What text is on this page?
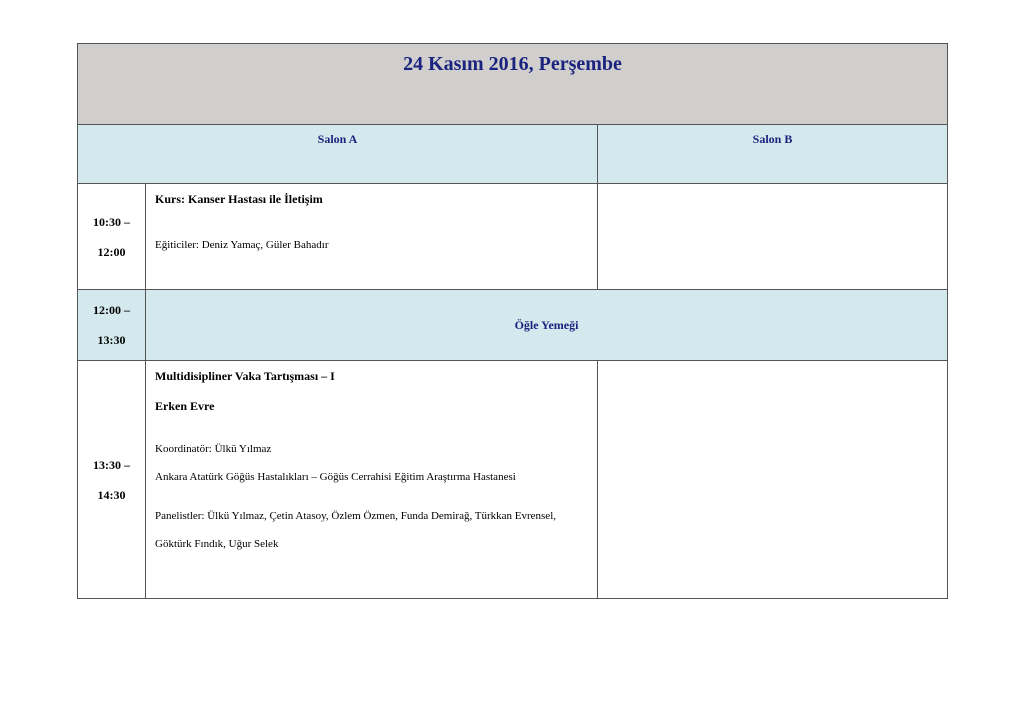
24 Kasım 2016, Perşembe		

Salon A		Salon B

10:30 –
12:00	Kurs: Kanser Hastası ile İletişim
Eğiticiler: Deniz Yamaç, Güler Bahadır	

12:00 –
13:30	Öğle Yemeği	

13:30 –
14:30	Multidisipliner Vaka Tartışması – I
Erken Evre
Koordinatör: Ülkü Yılmaz
Ankara Atatürk Göğüs Hastalıkları – Göğüs Cerrahisi Eğitim Araştırma Hastanesi
Panelistler: Ülkü Yılmaz, Çetin Atasoy, Özlem Özmen, Funda Demirağ, Türkkan Evrensel, Göktürk Fındık, Uğur Selek	
